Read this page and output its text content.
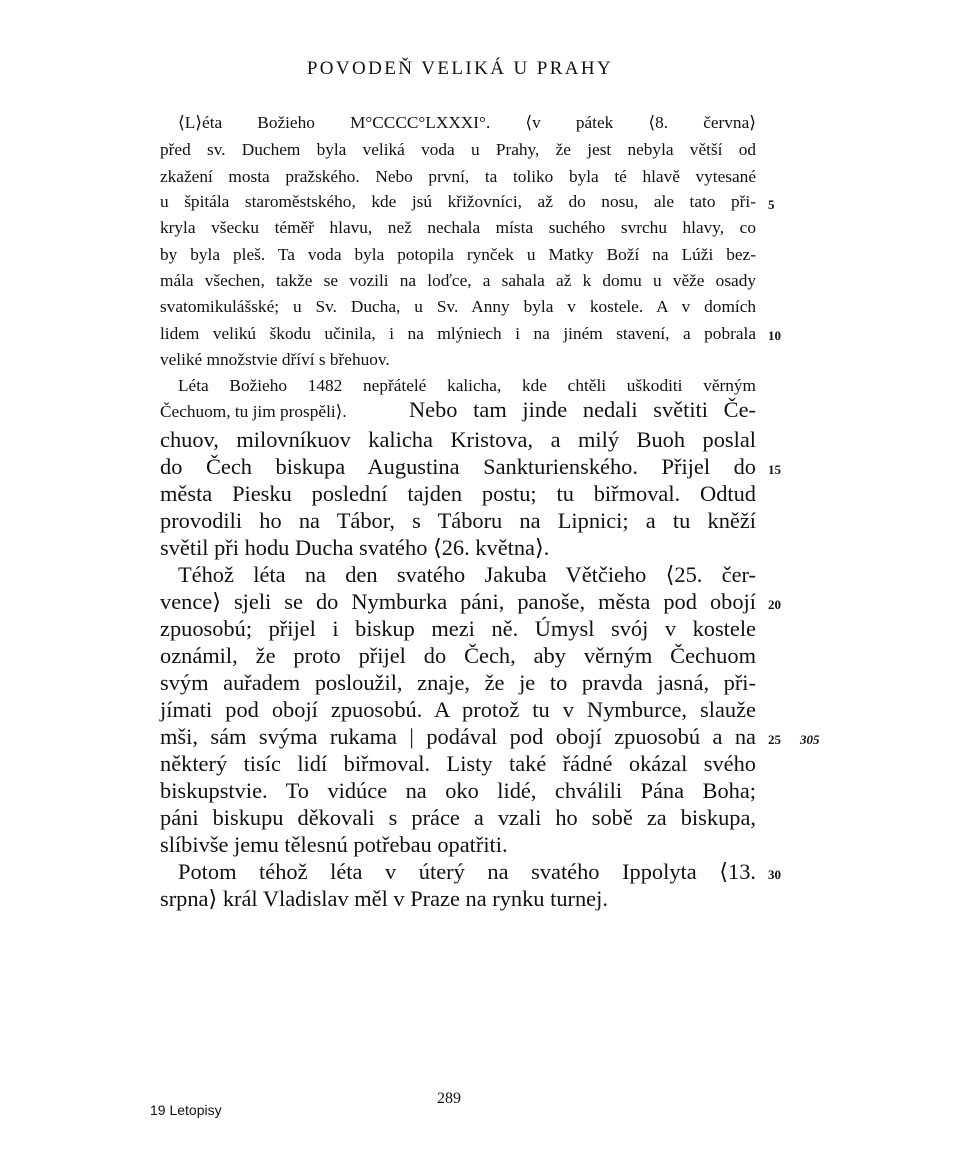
POVODEŇ VELIKÁ U PRAHY
⟨L⟩éta Božieho M°CCCC°LXXXI°. ⟨v pátek ⟨8. června⟩
před sv. Duchem byla veliká voda u Prahy, že jest nebyla větší od
zkažení mosta pražského. Nebo první, ta toliko byla té hlavě vytesané
u špitála staroměstského, kde jsú křižovníci, až do nosu, ale tato při-
kryla všecku téměř hlavu, než nechala místa suchého svrchu hlavy, co
by byla pleš. Ta voda byla potopila rynček u Matky Boží na Lúži bez-
mála všechen, takže se vozili na loďce, a sahala až k domu u věže osady
svatomikulášské; u Sv. Ducha, u Sv. Anny byla v kostele. A v domích
lidem velikú škodu učinila, i na mlýniech i na jiném stavení, a pobrala
veliké množstvie dříví s břehuov.
Léta Božieho 1482 nepřátelé kalicha, kde chtěli uškoditi věrným
Čechuom, tu jim prospěli⟩.	Nebo tam jinde nedali světiti Če-
chuov, milovníkuov kalicha Kristova, a milý Buoh poslal
do Čech biskupa Augustina Sankturienského. Přijel do
města Piesku poslední tajden postu; tu biřmoval. Odtud
provodili ho na Tábor, s Táboru na Lipnici; a tu kněží
světil při hodu Ducha svatého ⟨26. května⟩.
Téhož léta na den svatého Jakuba Větčieho ⟨25. čer-
vence⟩ sjeli se do Nymburka páni, panoše, města pod obojí
zpuosobú; přijel i biskup mezi ně. Úmysl svój v kostele
oznámil, že proto přijel do Čech, aby věrným Čechuom
svým auřadem posloužil, znaje, že je to pravda jasná, při-
jímati pod obojí zpuosobú. A protož tu v Nymburce, slauže
mši, sám svýma rukama | podával pod obojí zpuosobú a na
některý tisíc lidí biřmoval. Listy také řádné okázal svého
biskupstvie. To vidúce na oko lidé, chválili Pána Boha;
páni biskupu děkovali s práce a vzali ho sobě za biskupa,
slíbivše jemu tělesnú potřebau opatřiti.
Potom téhož léta v úterý na svatého Ippolyta ⟨13.
srpna⟩ král Vladislav měl v Praze na rynku turnej.
5
10
15
20
25
30
305
19 Letopisy
289
